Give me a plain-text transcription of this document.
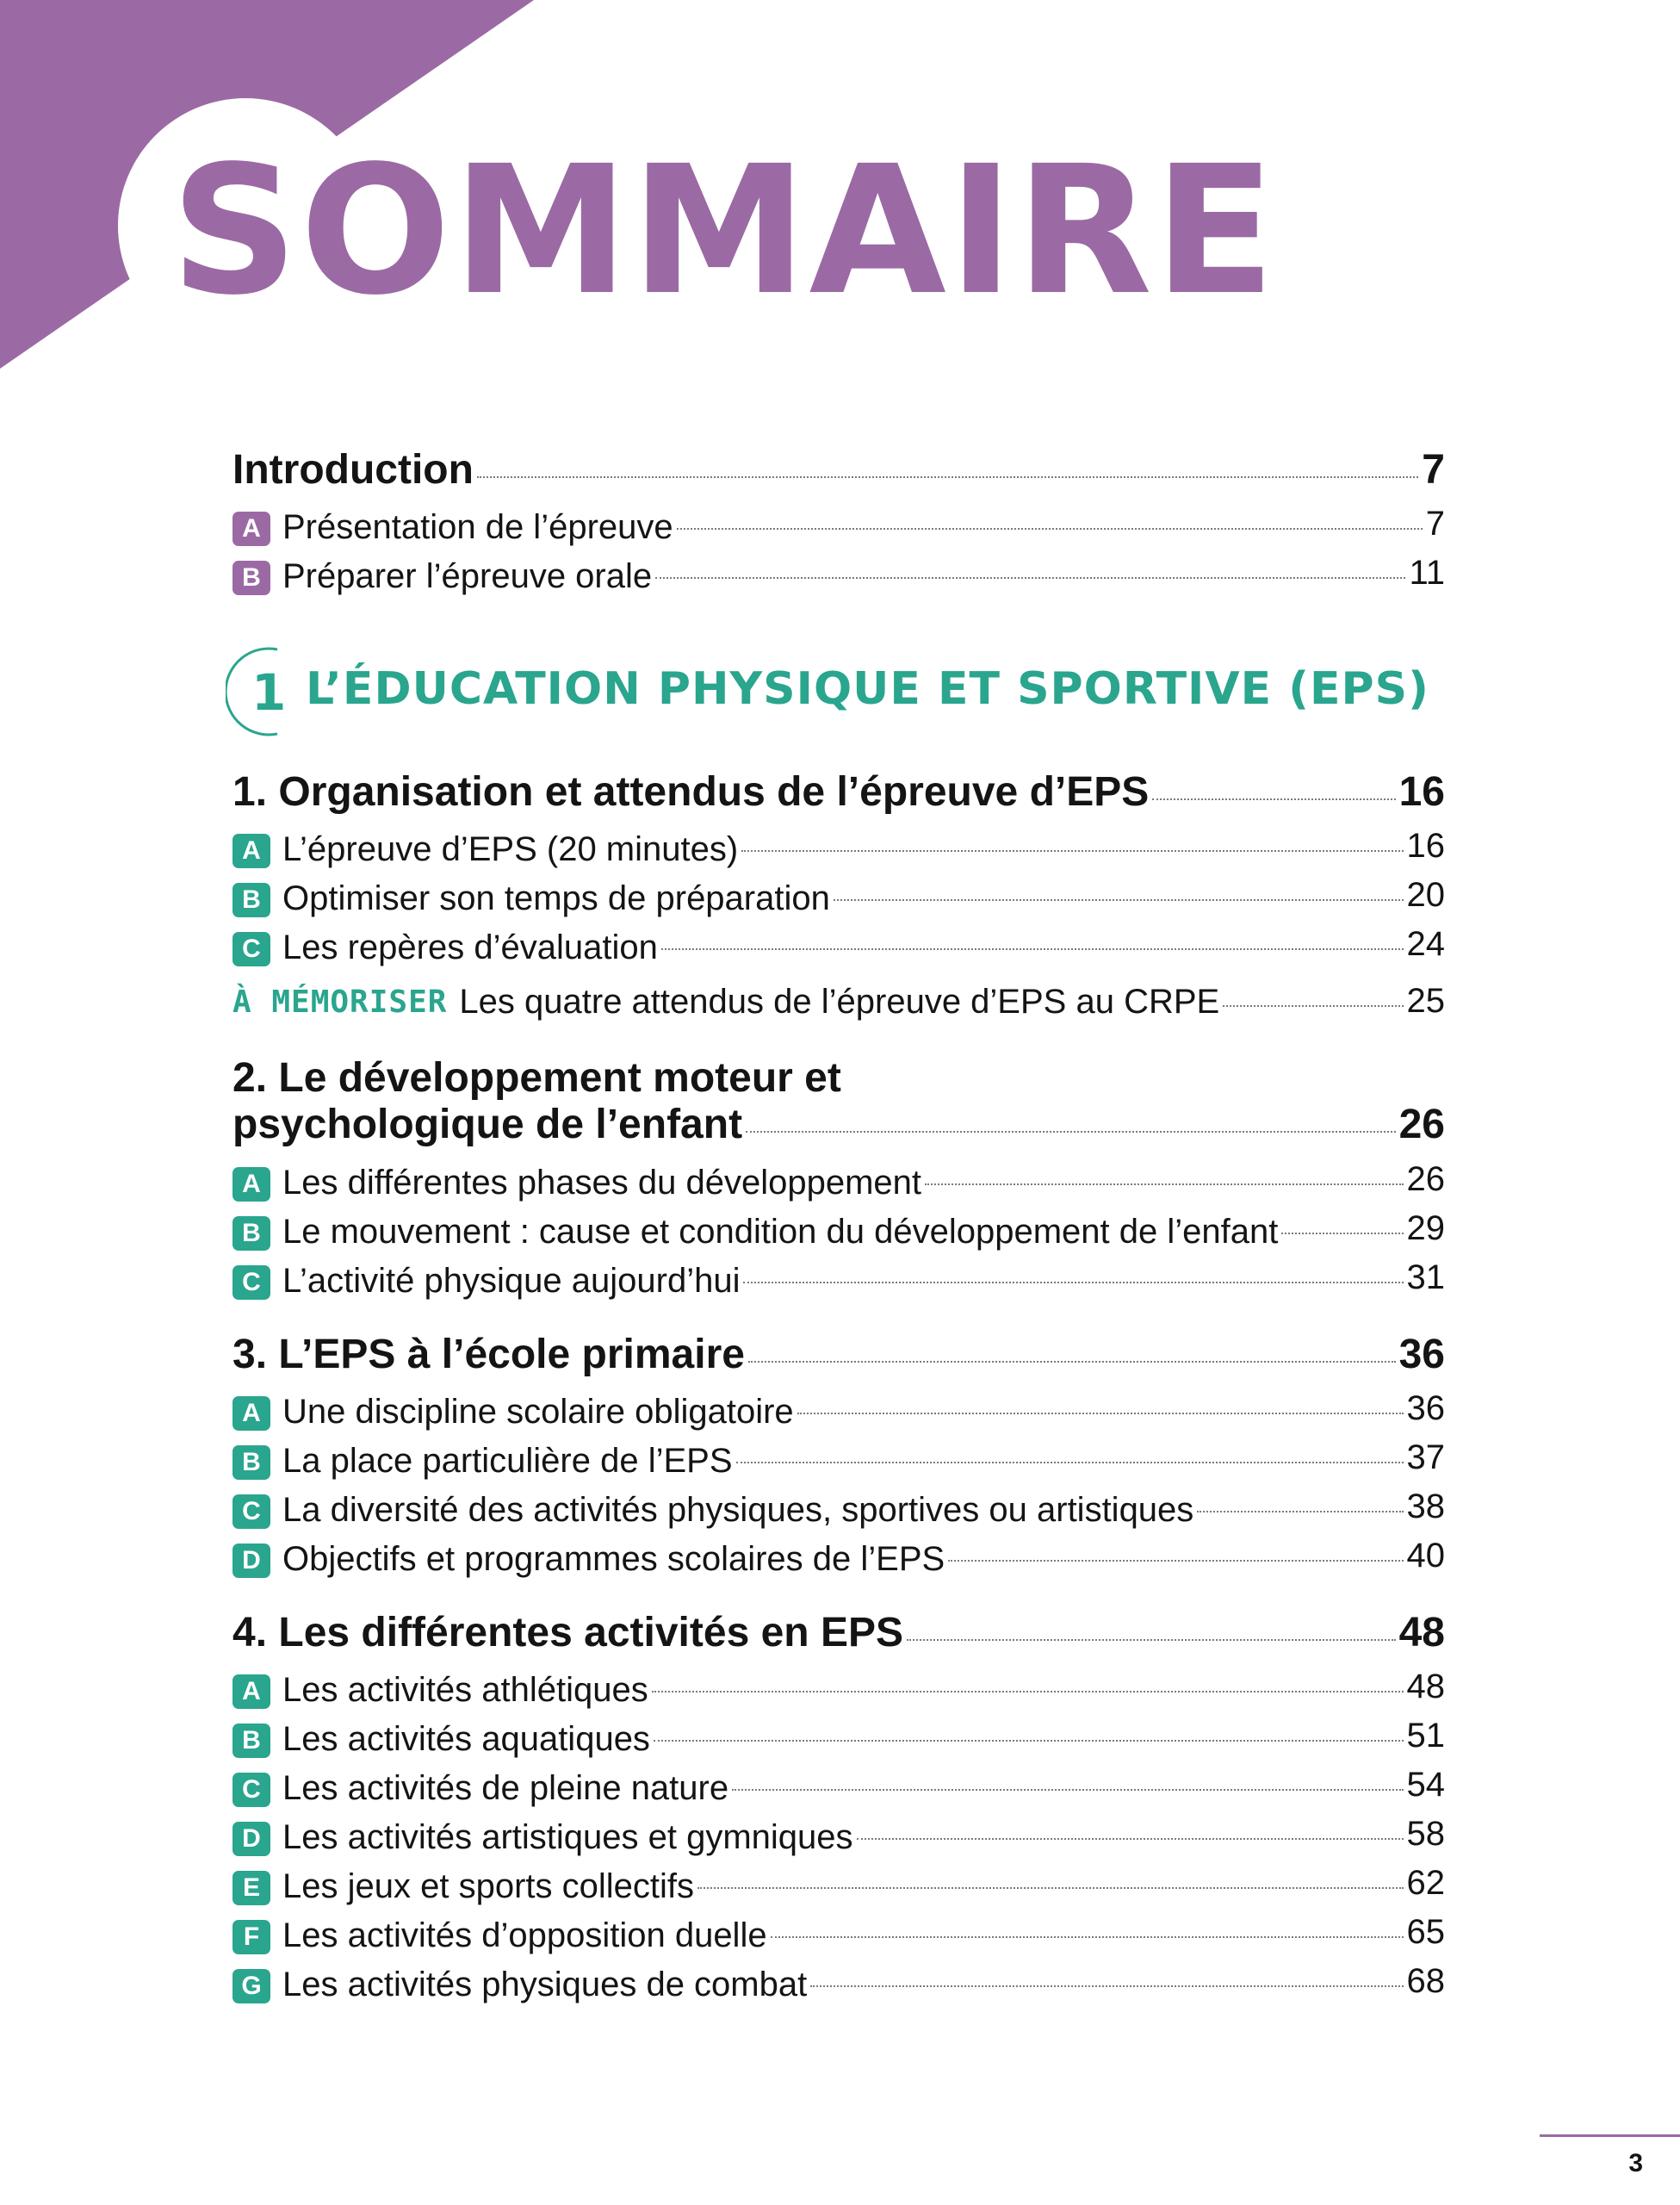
SOMMAIRE
Introduction	7
A Présentation de l’épreuve	7
B Préparer l’épreuve orale	11
1 L’ÉDUCATION PHYSIQUE ET SPORTIVE (EPS)
1. Organisation et attendus de l’épreuve d’EPS	16
A L’épreuve d’EPS (20 minutes)	16
B Optimiser son temps de préparation	20
C Les repères d’évaluation	24
À MÉMORISER Les quatre attendus de l’épreuve d’EPS au CRPE	25
2. Le développement moteur et
psychologique de l’enfant	26
A Les différentes phases du développement	26
B Le mouvement : cause et condition du développement de l’enfant	29
C L’activité physique aujourd’hui	31
3. L’EPS à l’école primaire	36
A Une discipline scolaire obligatoire	36
B La place particulière de l’EPS	37
C La diversité des activités physiques, sportives ou artistiques	38
D Objectifs et programmes scolaires de l’EPS	40
4. Les différentes activités en EPS	48
A Les activités athlétiques	48
B Les activités aquatiques	51
C Les activités de pleine nature	54
D Les activités artistiques et gymniques	58
E Les jeux et sports collectifs	62
F Les activités d’opposition duelle	65
G Les activités physiques de combat	68
3
